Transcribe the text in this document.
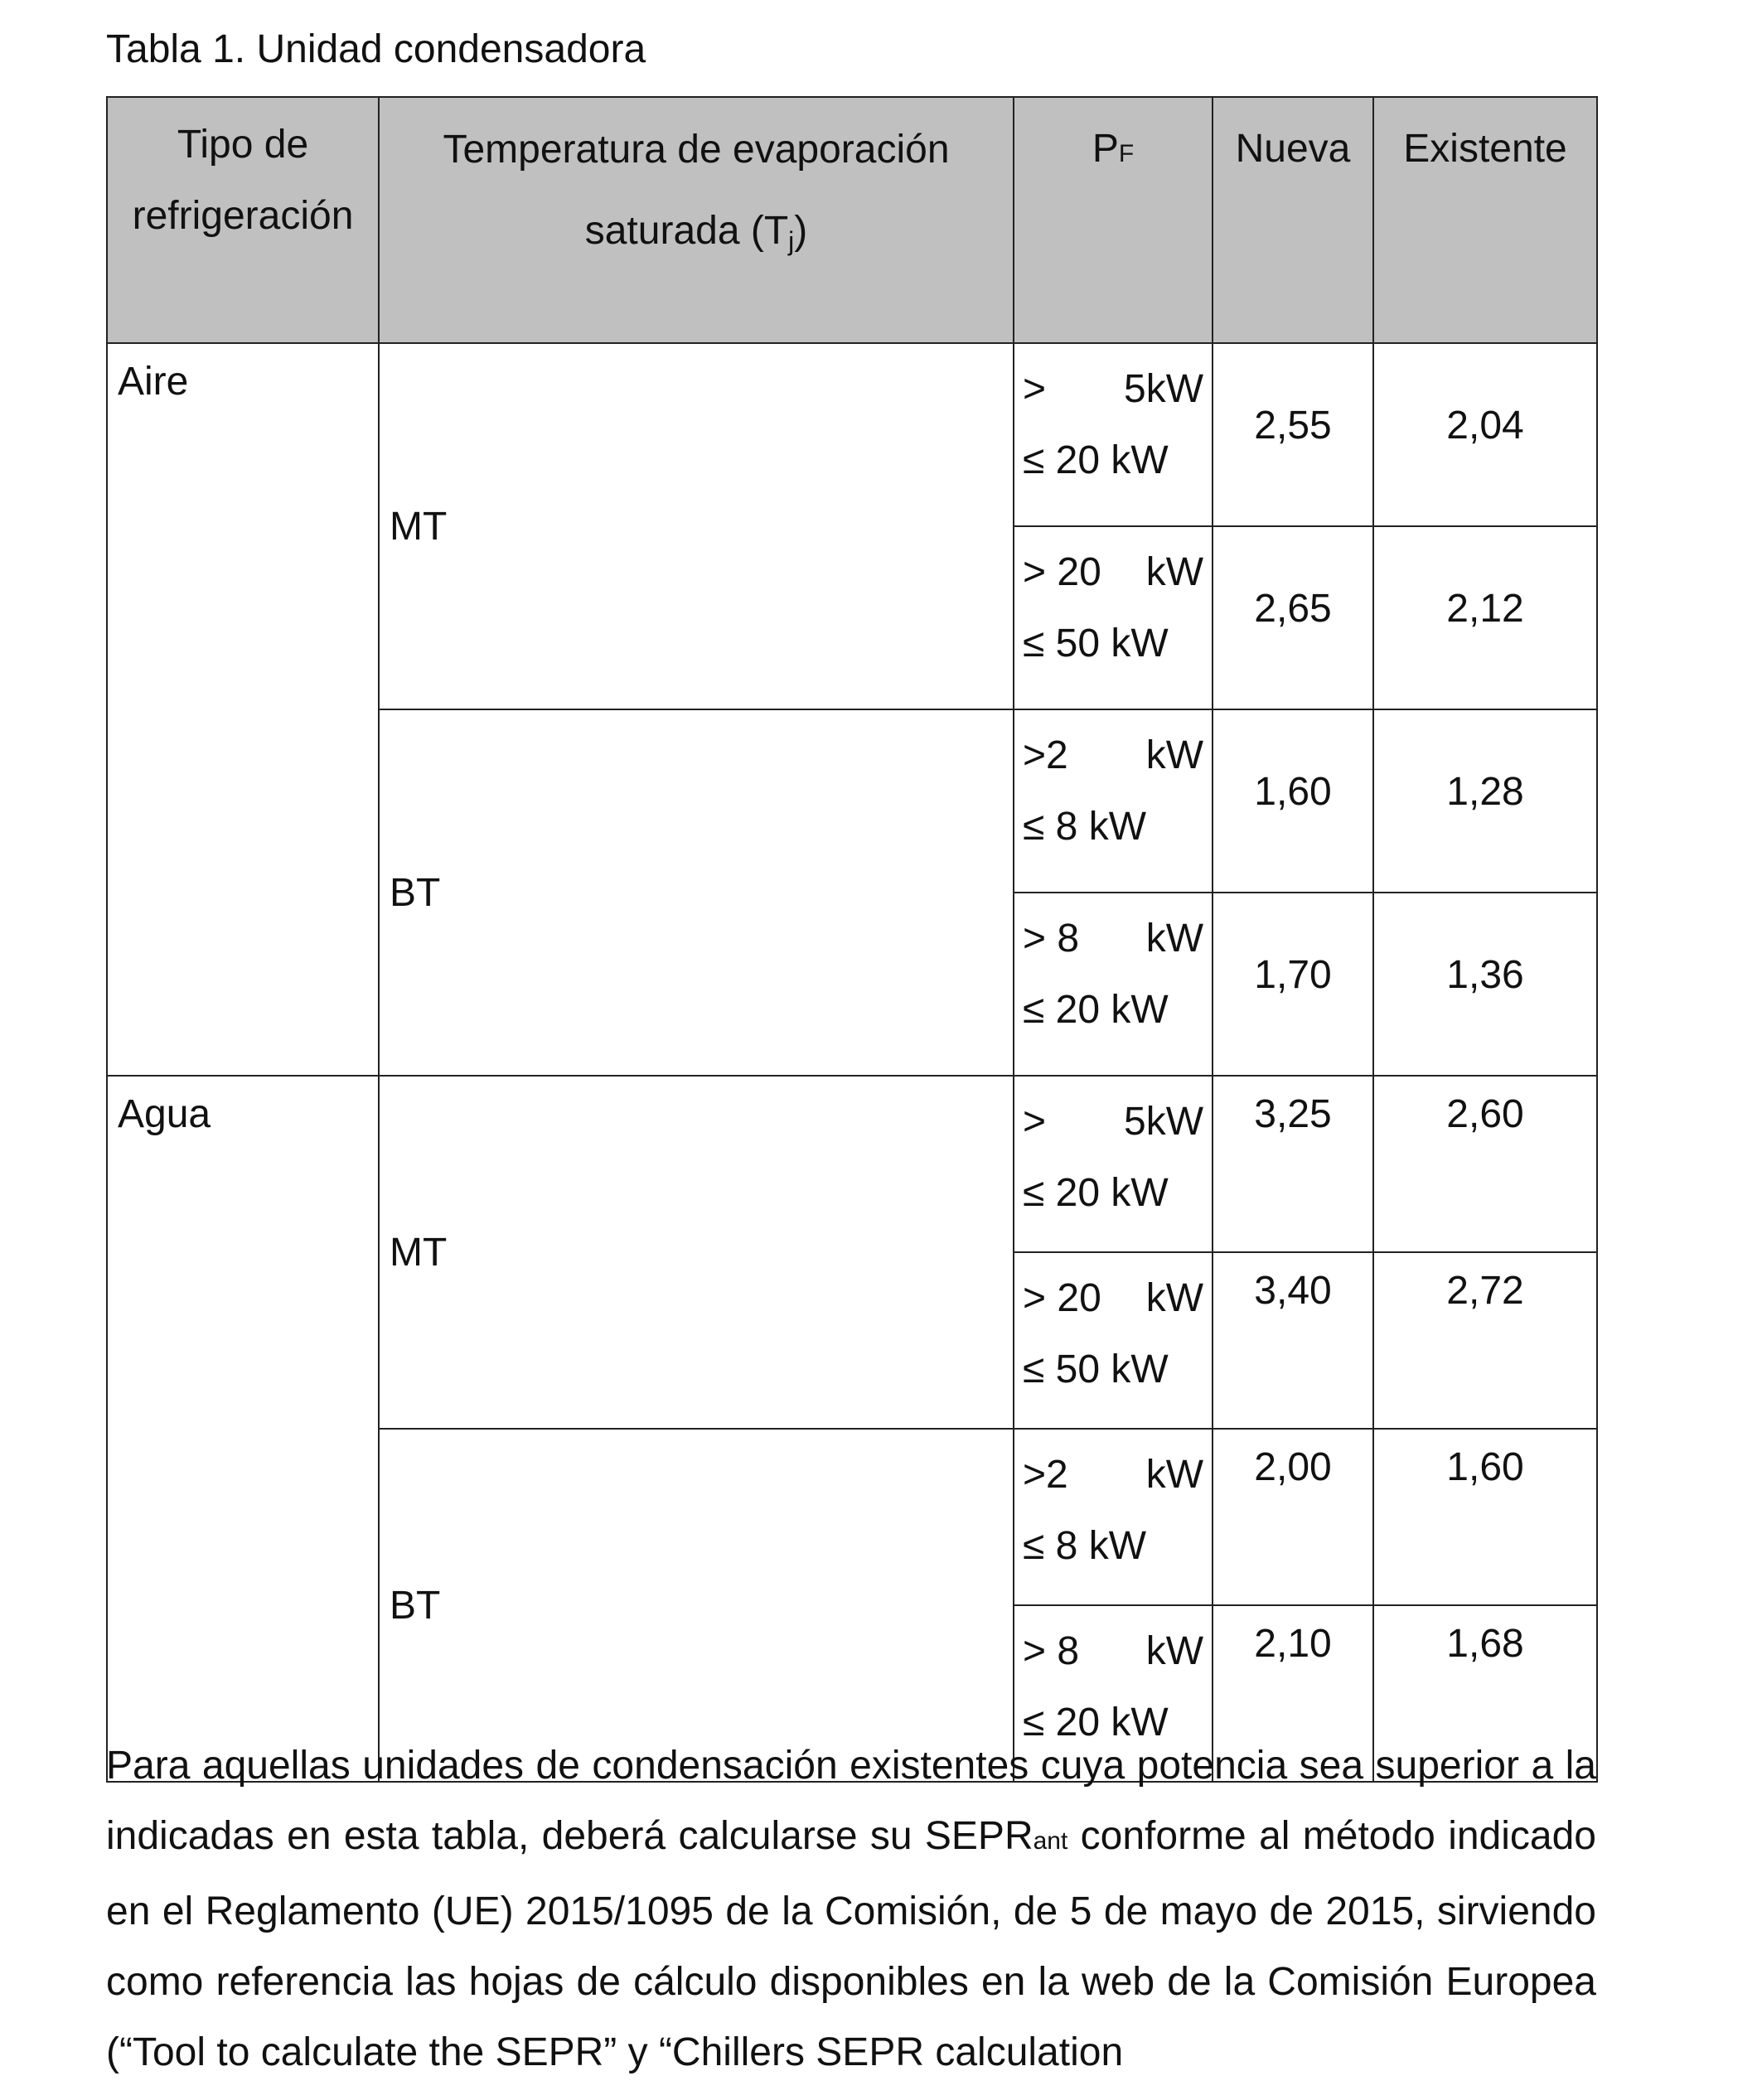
Tabla 1. Unidad condensadora
Tipo de
refrigeración	Temperatura de evaporación
saturada (Tj)	PF	Nueva	Existente

Aire	MT	> 5kW
≤ 20 kW	2,55	2,04

		> 20 kW
≤ 50 kW	2,65	2,12
	BT	>2 kW
≤ 8 kW	1,60	1,28

		> 8 kW
≤ 20 kW	1,70	1,36

Agua	MT	> 5kW
≤ 20 kW	3,25	2,60

		> 20 kW
≤ 50 kW	3,40	2,72
	BT	>2 kW
≤ 8 kW	2,00	1,60

		> 8 kW
≤ 20 kW	2,10	1,68

Para aquellas unidades de condensación existentes cuya potencia sea superior a la indicadas en esta tabla, deberá calcularse su SEPRant conforme al método indicado en el Reglamento (UE) 2015/1095 de la Comisión, de 5 de mayo de 2015, sirviendo como referencia las hojas de cálculo disponibles en la web de la Comisión Europea (“Tool to calculate the SEPR” y “Chillers SEPR calculation
